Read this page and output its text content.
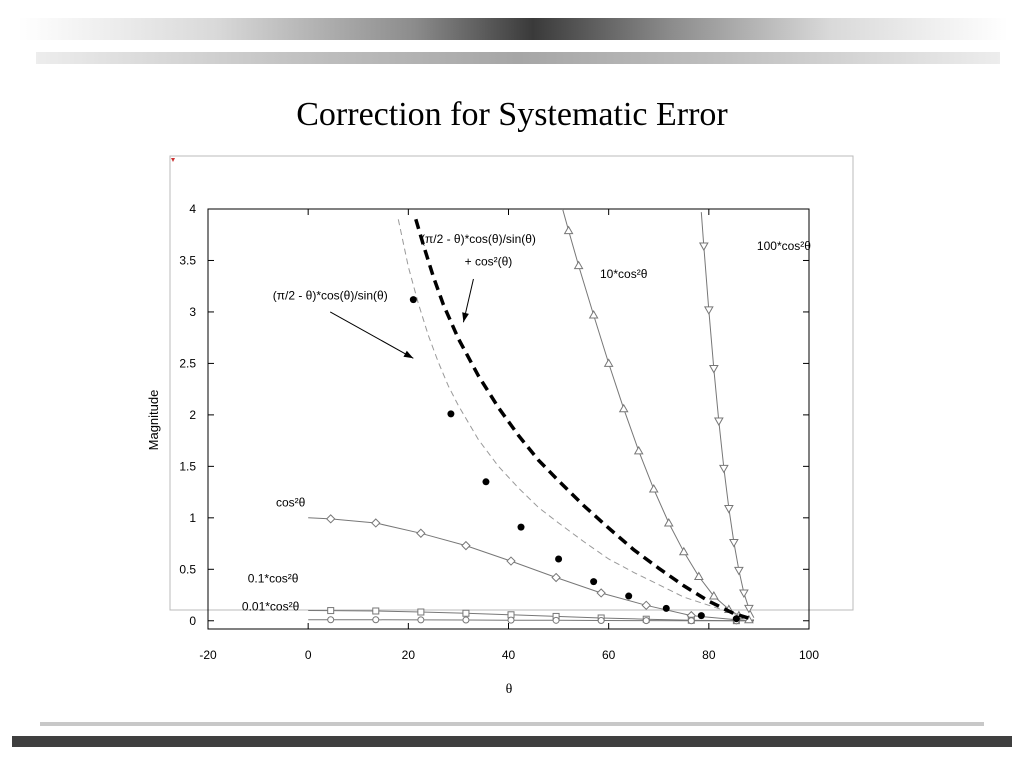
Correction for Systematic Error
-20	0	20	40	60	80	100
0
0.5
1
1.5
2
2.5
3
3.5
4
(π/2 - θ)*cos(θ)/sin(θ)
(π/2 - θ)*cos(θ)/sin(θ)
+ cos²(θ)
cos²θ
0.1*cos²θ
0.01*cos²θ
10*cos²θ
100*cos²θ
Magnitude
θ
